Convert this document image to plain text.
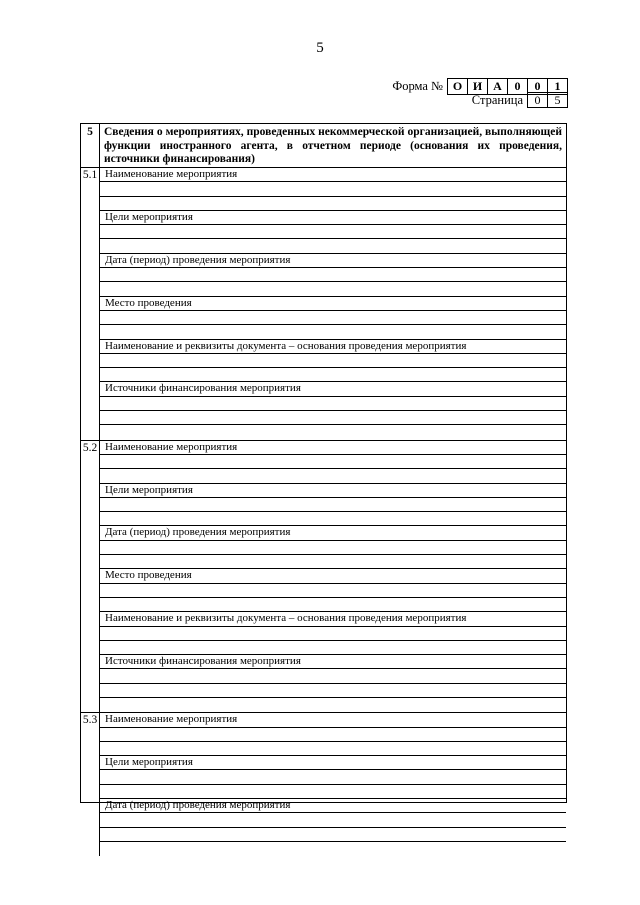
5
Форма № О И А	0	0	1
Страница 0	5
5 Сведения о мероприятиях, проведенных некоммерческой организацией, выполняющей функции иностранного агента, в отчетном периоде (основания их проведения, источники финансирования)
5.1 Наименование мероприятия
Цели мероприятия
Дата (период) проведения мероприятия
Место проведения
Наименование и реквизиты документа – основания проведения мероприятия
Источники финансирования мероприятия
5.2 Наименование мероприятия
Цели мероприятия
Дата (период) проведения мероприятия
Место проведения
Наименование и реквизиты документа – основания проведения мероприятия
Источники финансирования мероприятия
5.3 Наименование мероприятия
Цели мероприятия
Дата (период) проведения мероприятия
